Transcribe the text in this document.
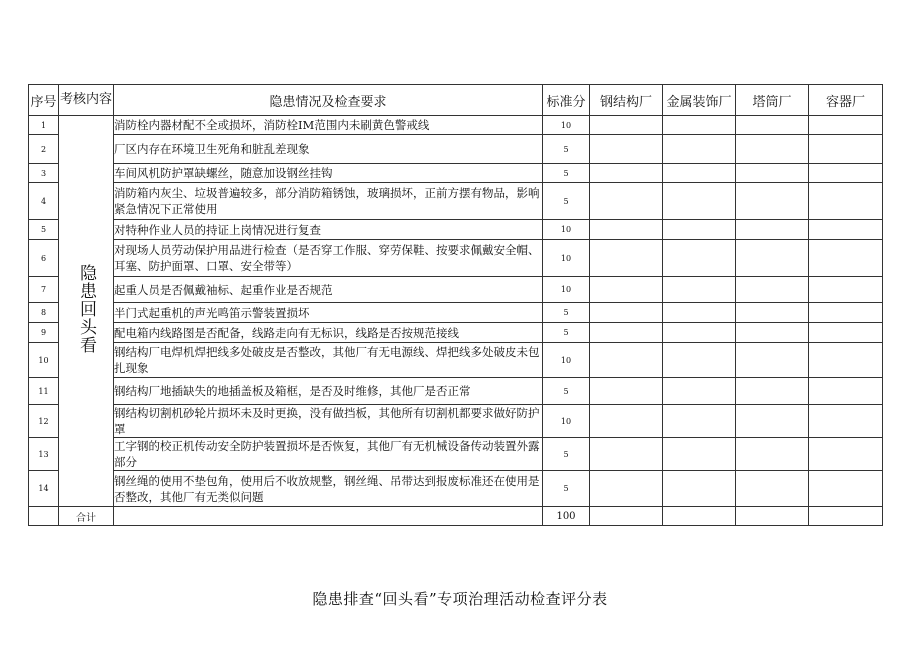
序号	考核内容	隐患情况及检查要求	标准分	钢结构厂	金属装饰厂	塔筒厂	容器厂
1	隐患回头看	消防栓内器材配不全或损坏，消防栓IM范围内未刷黄色警戒线	10				
2		厂区内存在环境卫生死角和脏乱差现象	5				
3		车间风机防护罩缺螺丝，随意加设钢丝挂钩	5				
4		消防箱内灰尘、垃圾普遍较多，部分消防箱锈蚀，玻璃损坏，正前方摆有物品，影响紧急情况下正常使用	5				
5		对特种作业人员的持证上岗情况进行复查	10				
6		对现场人员劳动保护用品进行检查（是否穿工作服、穿劳保鞋、按要求佩戴安全帽、耳塞、防护面罩、口罩、安全带等）	10				
7		起重人员是否佩戴袖标、起重作业是否规范	10				
8		半门式起重机的声光鸣笛示警装置损坏	5				
9		配电箱内线路图是否配备，线路走向有无标识，线路是否按规范接线	5				
10		钢结构厂电焊机焊把线多处破皮是否整改，其他厂有无电源线、焊把线多处破皮未包扎现象	10				
11		钢结构厂地插缺失的地插盖板及箱框，是否及时维修，其他厂是否正常	5				
12		钢结构切割机砂轮片损坏未及时更换，没有做挡板，其他所有切割机都要求做好防护罩	10				
13		工字钢的校正机传动安全防护装置损坏是否恢复，其他厂有无机械设备传动装置外露部分	5				
14		钢丝绳的使用不垫包角，使用后不收放规整，钢丝绳、吊带达到报废标准还在使用是否整改，其他厂有无类似问题	5				
	合计		100				
隐患排查“回头看”专项治理活动检查评分表
